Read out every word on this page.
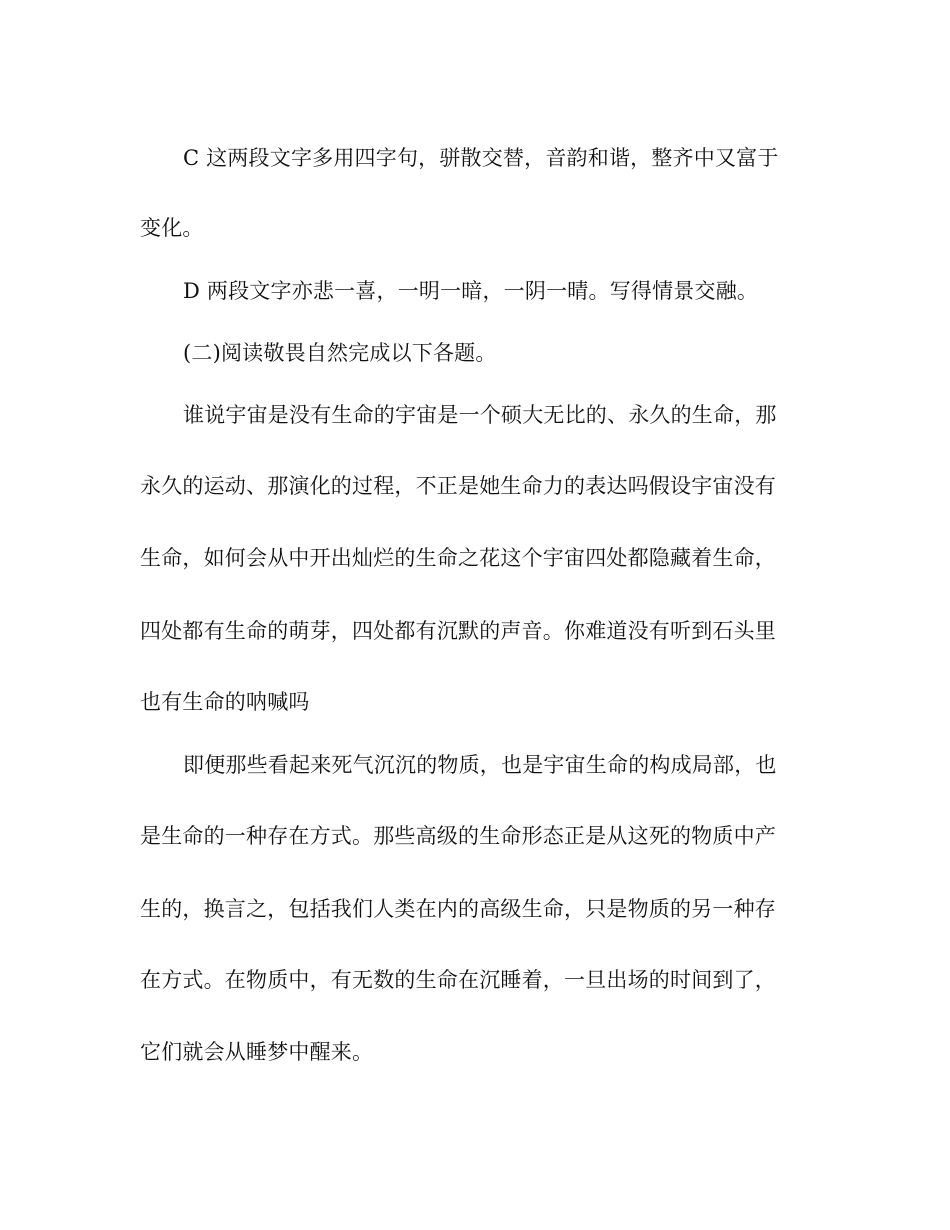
C 这两段文字多用四字句，骈散交替，音韵和谐，整齐中又富于
变化。
D 两段文字亦悲一喜，一明一暗，一阴一晴。写得情景交融。
(二)阅读敬畏自然完成以下各题。
谁说宇宙是没有生命的宇宙是一个硕大无比的、永久的生命，那
永久的运动、那演化的过程，不正是她生命力的表达吗假设宇宙没有
生命，如何会从中开出灿烂的生命之花这个宇宙四处都隐藏着生命，
四处都有生命的萌芽，四处都有沉默的声音。你难道没有听到石头里
也有生命的呐喊吗
即便那些看起来死气沉沉的物质，也是宇宙生命的构成局部，也
是生命的一种存在方式。那些高级的生命形态正是从这死的物质中产
生的，换言之，包括我们人类在内的高级生命，只是物质的另一种存
在方式。在物质中，有无数的生命在沉睡着，一旦出场的时间到了，
它们就会从睡梦中醒来。
